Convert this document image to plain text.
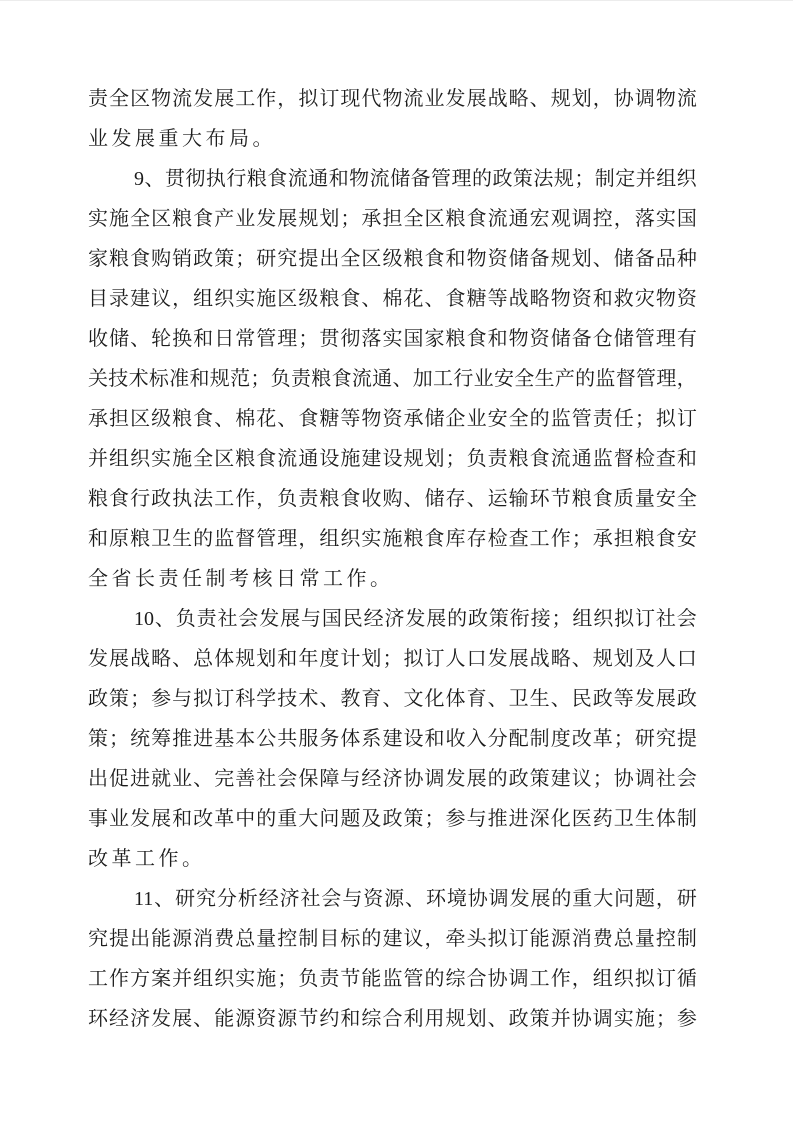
责 全 区 物 流 发 展 工 作 ， 拟 订 现 代 物 流 业 发 展 战 略 、 规 划 ， 协 调 物 流
业发展重大布局。
9 、 贯 彻 执 行 粮 食 流 通 和 物 流 储 备 管 理 的 政 策 法 规 ； 制 定 并 组 织
实 施 全 区 粮 食 产 业 发 展 规 划 ； 承 担 全 区 粮 食 流 通 宏 观 调 控 ， 落 实 国
家 粮 食 购 销 政 策 ； 研 究 提 出 全 区 级 粮 食 和 物 资 储 备 规 划 、 储 备 品 种
目 录 建 议 ， 组 织 实 施 区 级 粮 食 、 棉 花 、 食 糖 等 战 略 物 资 和 救 灾 物 资
收 储 、 轮 换 和 日 常 管 理 ； 贯 彻 落 实 国 家 粮 食 和 物 资 储 备 仓 储 管 理 有
关 技 术 标 准 和 规 范 ； 负 责 粮 食 流 通 、 加 工 行 业 安 全 生 产 的 监 督 管 理 ，
承 担 区 级 粮 食 、 棉 花 、 食 糖 等 物 资 承 储 企 业 安 全 的 监 管 责 任 ； 拟 订
并 组 织 实 施 全 区 粮 食 流 通 设 施 建 设 规 划 ； 负 责 粮 食 流 通 监 督 检 查 和
粮 食 行 政 执 法 工 作 ， 负 责 粮 食 收 购 、 储 存 、 运 输 环 节 粮 食 质 量 安 全
和 原 粮 卫 生 的 监 督 管 理 ， 组 织 实 施 粮 食 库 存 检 查 工 作 ； 承 担 粮 食 安
全省长责任制考核日常工作。
10 、 负 责 社 会 发 展 与 国 民 经 济 发 展 的 政 策 衔 接 ； 组 织 拟 订 社 会
发 展 战 略 、 总 体 规 划 和 年 度 计 划 ； 拟 订 人 口 发 展 战 略 、 规 划 及 人 口
政 策 ； 参 与 拟 订 科 学 技 术 、 教 育 、 文 化 体 育 、 卫 生 、 民 政 等 发 展 政
策 ； 统 筹 推 进 基 本 公 共 服 务 体 系 建 设 和 收 入 分 配 制 度 改 革 ； 研 究 提
出 促 进 就 业 、 完 善 社 会 保 障 与 经 济 协 调 发 展 的 政 策 建 议 ； 协 调 社 会
事 业 发 展 和 改 革 中 的 重 大 问 题 及 政 策 ； 参 与 推 进 深 化 医 药 卫 生 体 制
改革工作。
11 、 研 究 分 析 经 济 社 会 与 资 源 、 环 境 协 调 发 展 的 重 大 问 题 ， 研
究 提 出 能 源 消 费 总 量 控 制 目 标 的 建 议 ， 牵 头 拟 订 能 源 消 费 总 量 控 制
工 作 方 案 并 组 织 实 施 ； 负 责 节 能 监 管 的 综 合 协 调 工 作 ， 组 织 拟 订 循
环 经 济 发 展 、 能 源 资 源 节 约 和 综 合 利 用 规 划 、 政 策 并 协 调 实 施 ； 参
